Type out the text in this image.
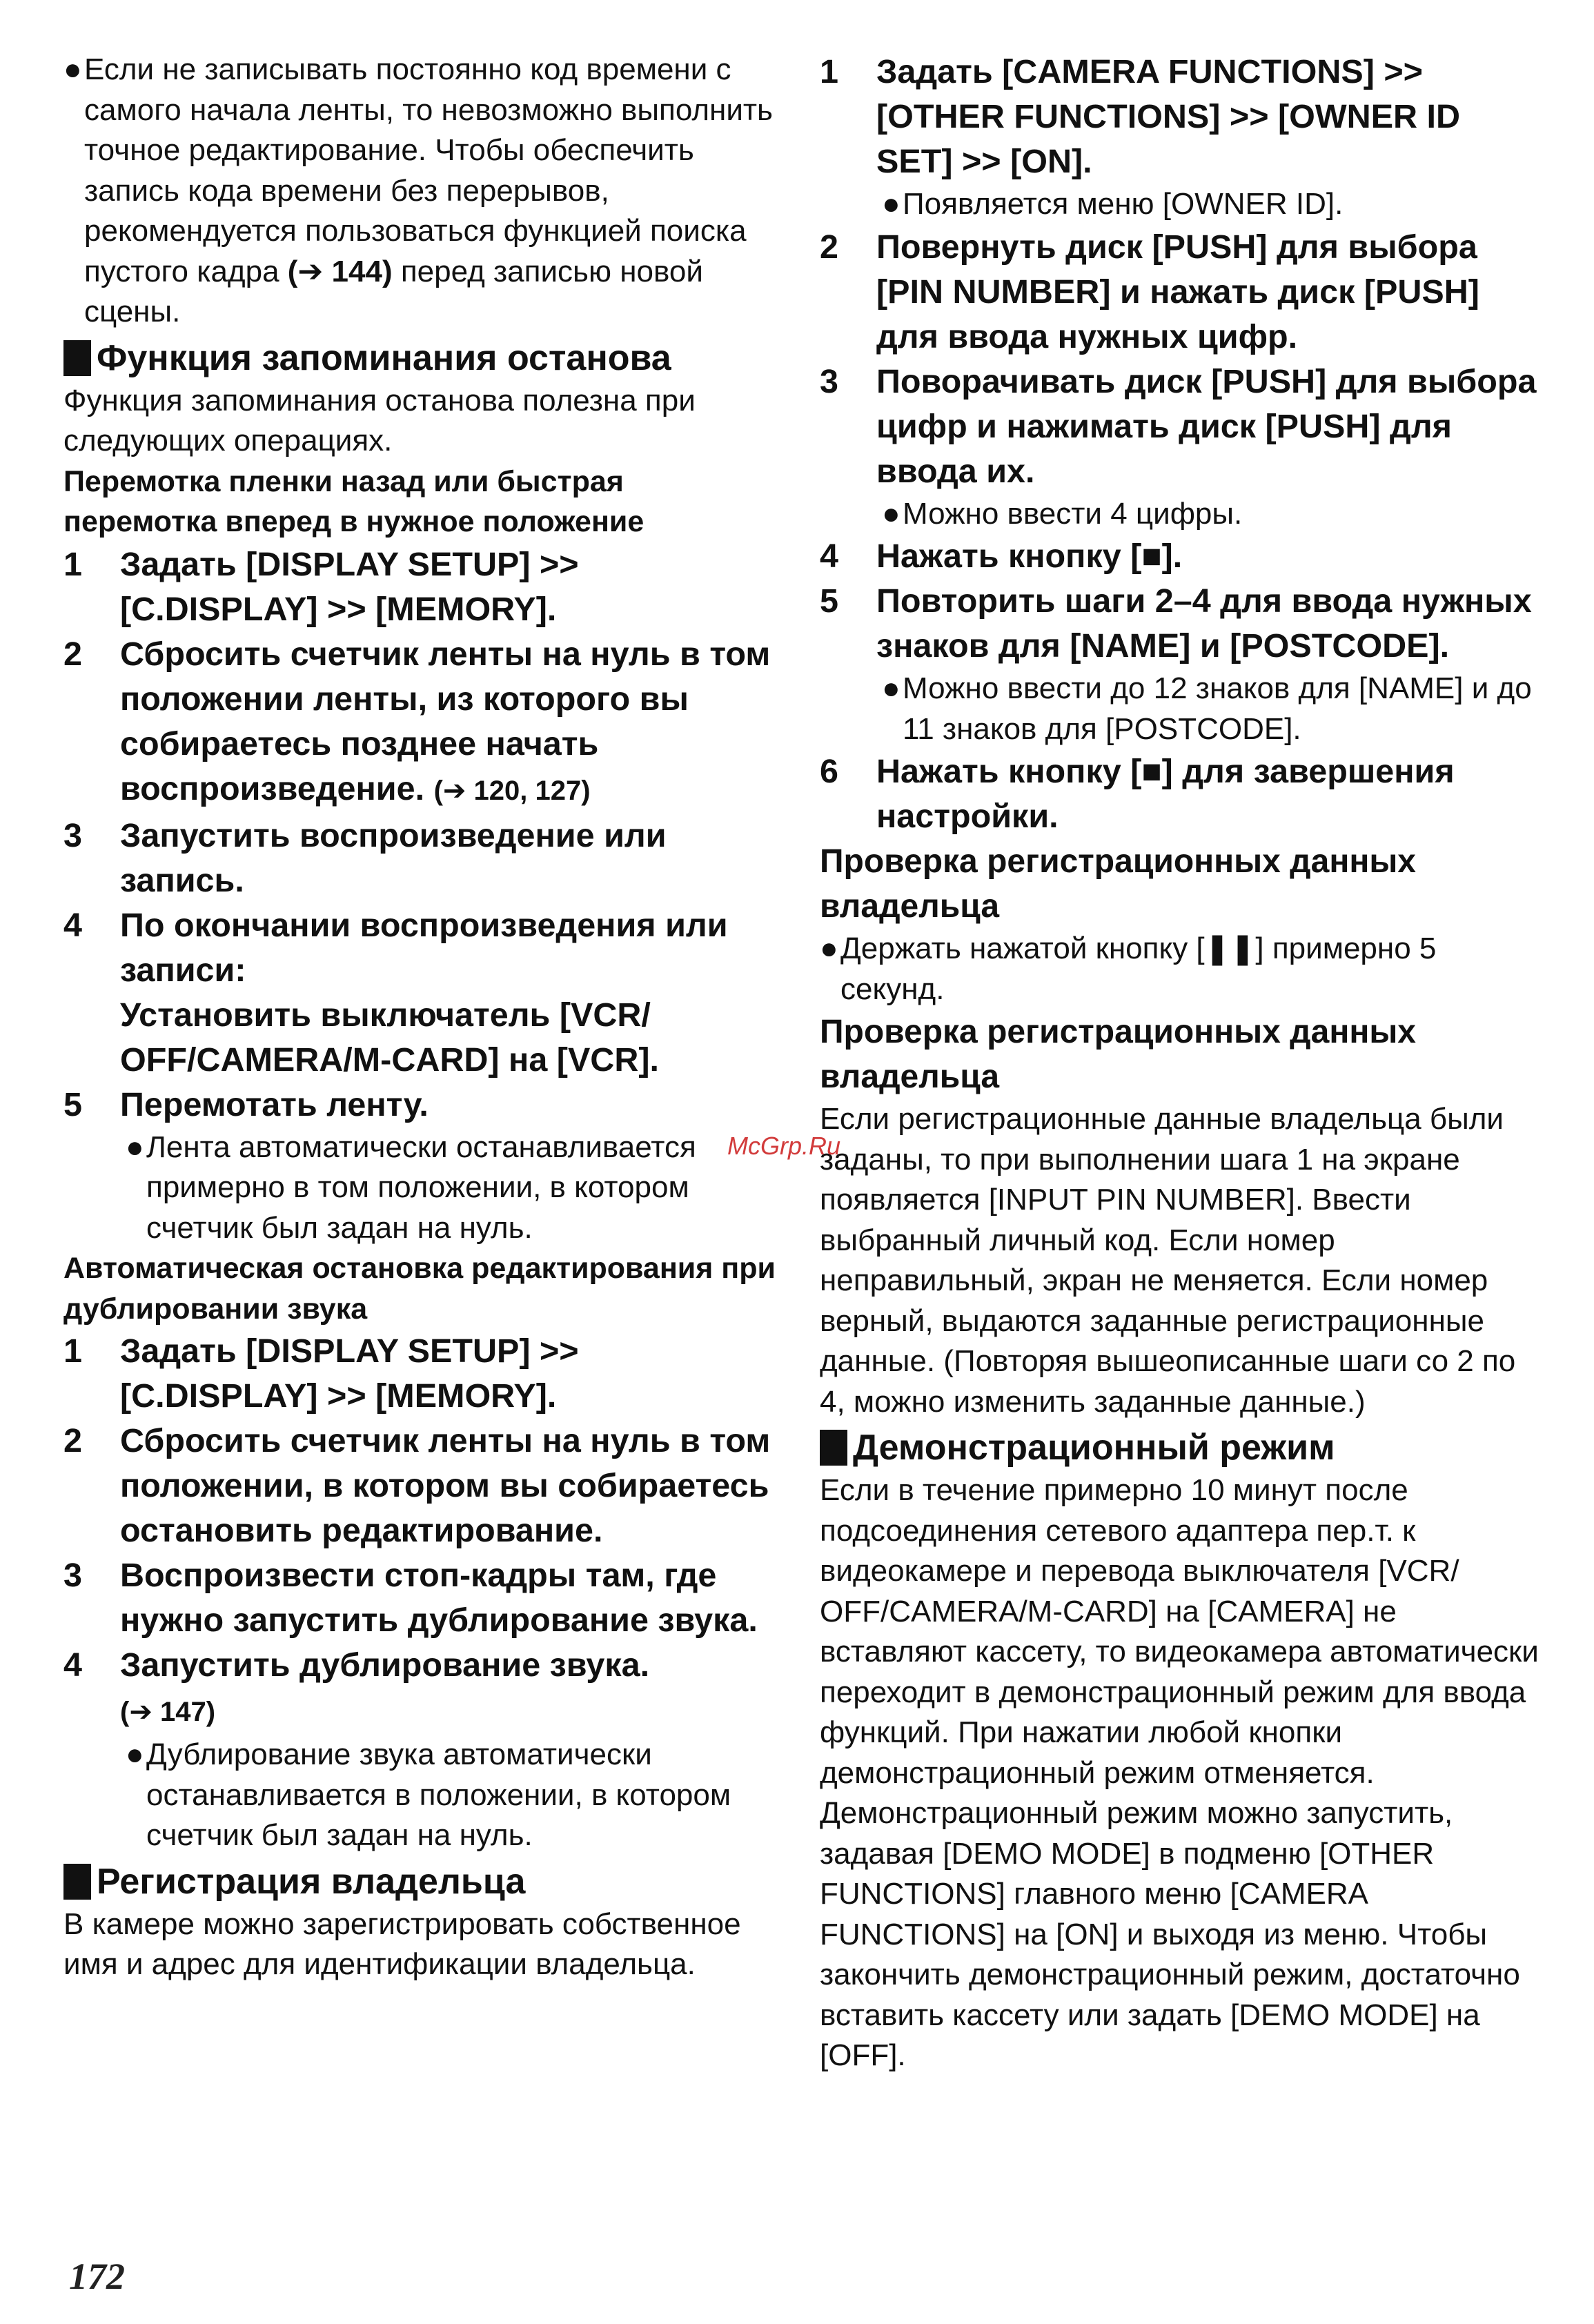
● Если не записывать постоянно код времени с самого начала ленты, то невозможно выполнить точное редактирование. Чтобы обеспечить запись кода времени без перерывов, рекомендуется пользоваться функцией поиска пустого кадра (➔ 144) перед записью новой сцены.

Функция запоминания останова

Функция запоминания останова полезна при следующих операциях.

Перемотка пленки назад или быстрая перемотка вперед в нужное положение

1	Задать [DISPLAY SETUP] >> [C.DISPLAY] >> [MEMORY].
2	Сбросить счетчик ленты на нуль в том положении ленты, из которого вы собираетесь позднее начать воспроизведение. (➔ 120, 127)
3	Запустить воспроизведение или запись.
4	По окончании воспроизведения или записи:
Установить выключатель [VCR/ OFF/CAMERA/M-CARD] на [VCR].
5	Перемотать ленту.

● Лента автоматически останавливается примерно в том положении, в котором счетчик был задан на нуль.

Автоматическая остановка редактирования при дублировании звука

1	Задать [DISPLAY SETUP] >> [C.DISPLAY] >> [MEMORY].
2	Сбросить счетчик ленты на нуль в том положении, в котором вы собираетесь остановить редактирование.
3	Воспроизвести стоп-кадры там, где нужно запустить дублирование звука.
4	Запустить дублирование звука.
(➔ 147)

● Дублирование звука автоматически останавливается в положении, в котором счетчик был задан на нуль.

Регистрация владельца

В камере можно зарегистрировать собственное имя и адрес для идентификации владельца.

1	Задать [CAMERA FUNCTIONS] >> [OTHER FUNCTIONS] >> [OWNER ID SET] >> [ON].

● Появляется меню [OWNER ID].

2	Повернуть диск [PUSH] для выбора [PIN NUMBER] и нажать диск [PUSH] для ввода нужных цифр.
3	Поворачивать диск [PUSH] для выбора цифр и нажимать диск [PUSH] для ввода их.

● Можно ввести 4 цифры.

4	Нажать кнопку [■].
5	Повторить шаги 2–4 для ввода нужных знаков для [NAME] и [POSTCODE].

● Можно ввести до 12 знаков для [NAME] и до 11 знаков для [POSTCODE].

6	Нажать кнопку [■] для завершения настройки.

Проверка регистрационных данных владельца

● Держать нажатой кнопку [❚❚] примерно 5 секунд.

Проверка регистрационных данных владельца

Если регистрационные данные владельца были заданы, то при выполнении шага 1 на экране появляется [INPUT PIN NUMBER]. Ввести выбранный личный код. Если номер неправильный, экран не меняется. Если номер верный, выдаются заданные регистрационные данные. (Повторяя вышеописанные шаги со 2 по 4, можно изменить заданные данные.)

Демонстрационный режим

Если в течение примерно 10 минут после подсоединения сетевого адаптера пер.т. к видеокамере и перевода выключателя [VCR/ OFF/CAMERA/M-CARD] на [CAMERA] не вставляют кассету, то видеокамера автоматически переходит в демонстрационный режим для ввода функций. При нажатии любой кнопки демонстрационный режим отменяется. Демонстрационный режим можно запустить, задавая [DEMO MODE] в подменю [OTHER FUNCTIONS] главного меню [CAMERA FUNCTIONS] на [ON] и выходя из меню. Чтобы закончить демонстрационный режим, достаточно вставить кассету или задать [DEMO MODE] на [OFF].

McGrp.Ru
172
